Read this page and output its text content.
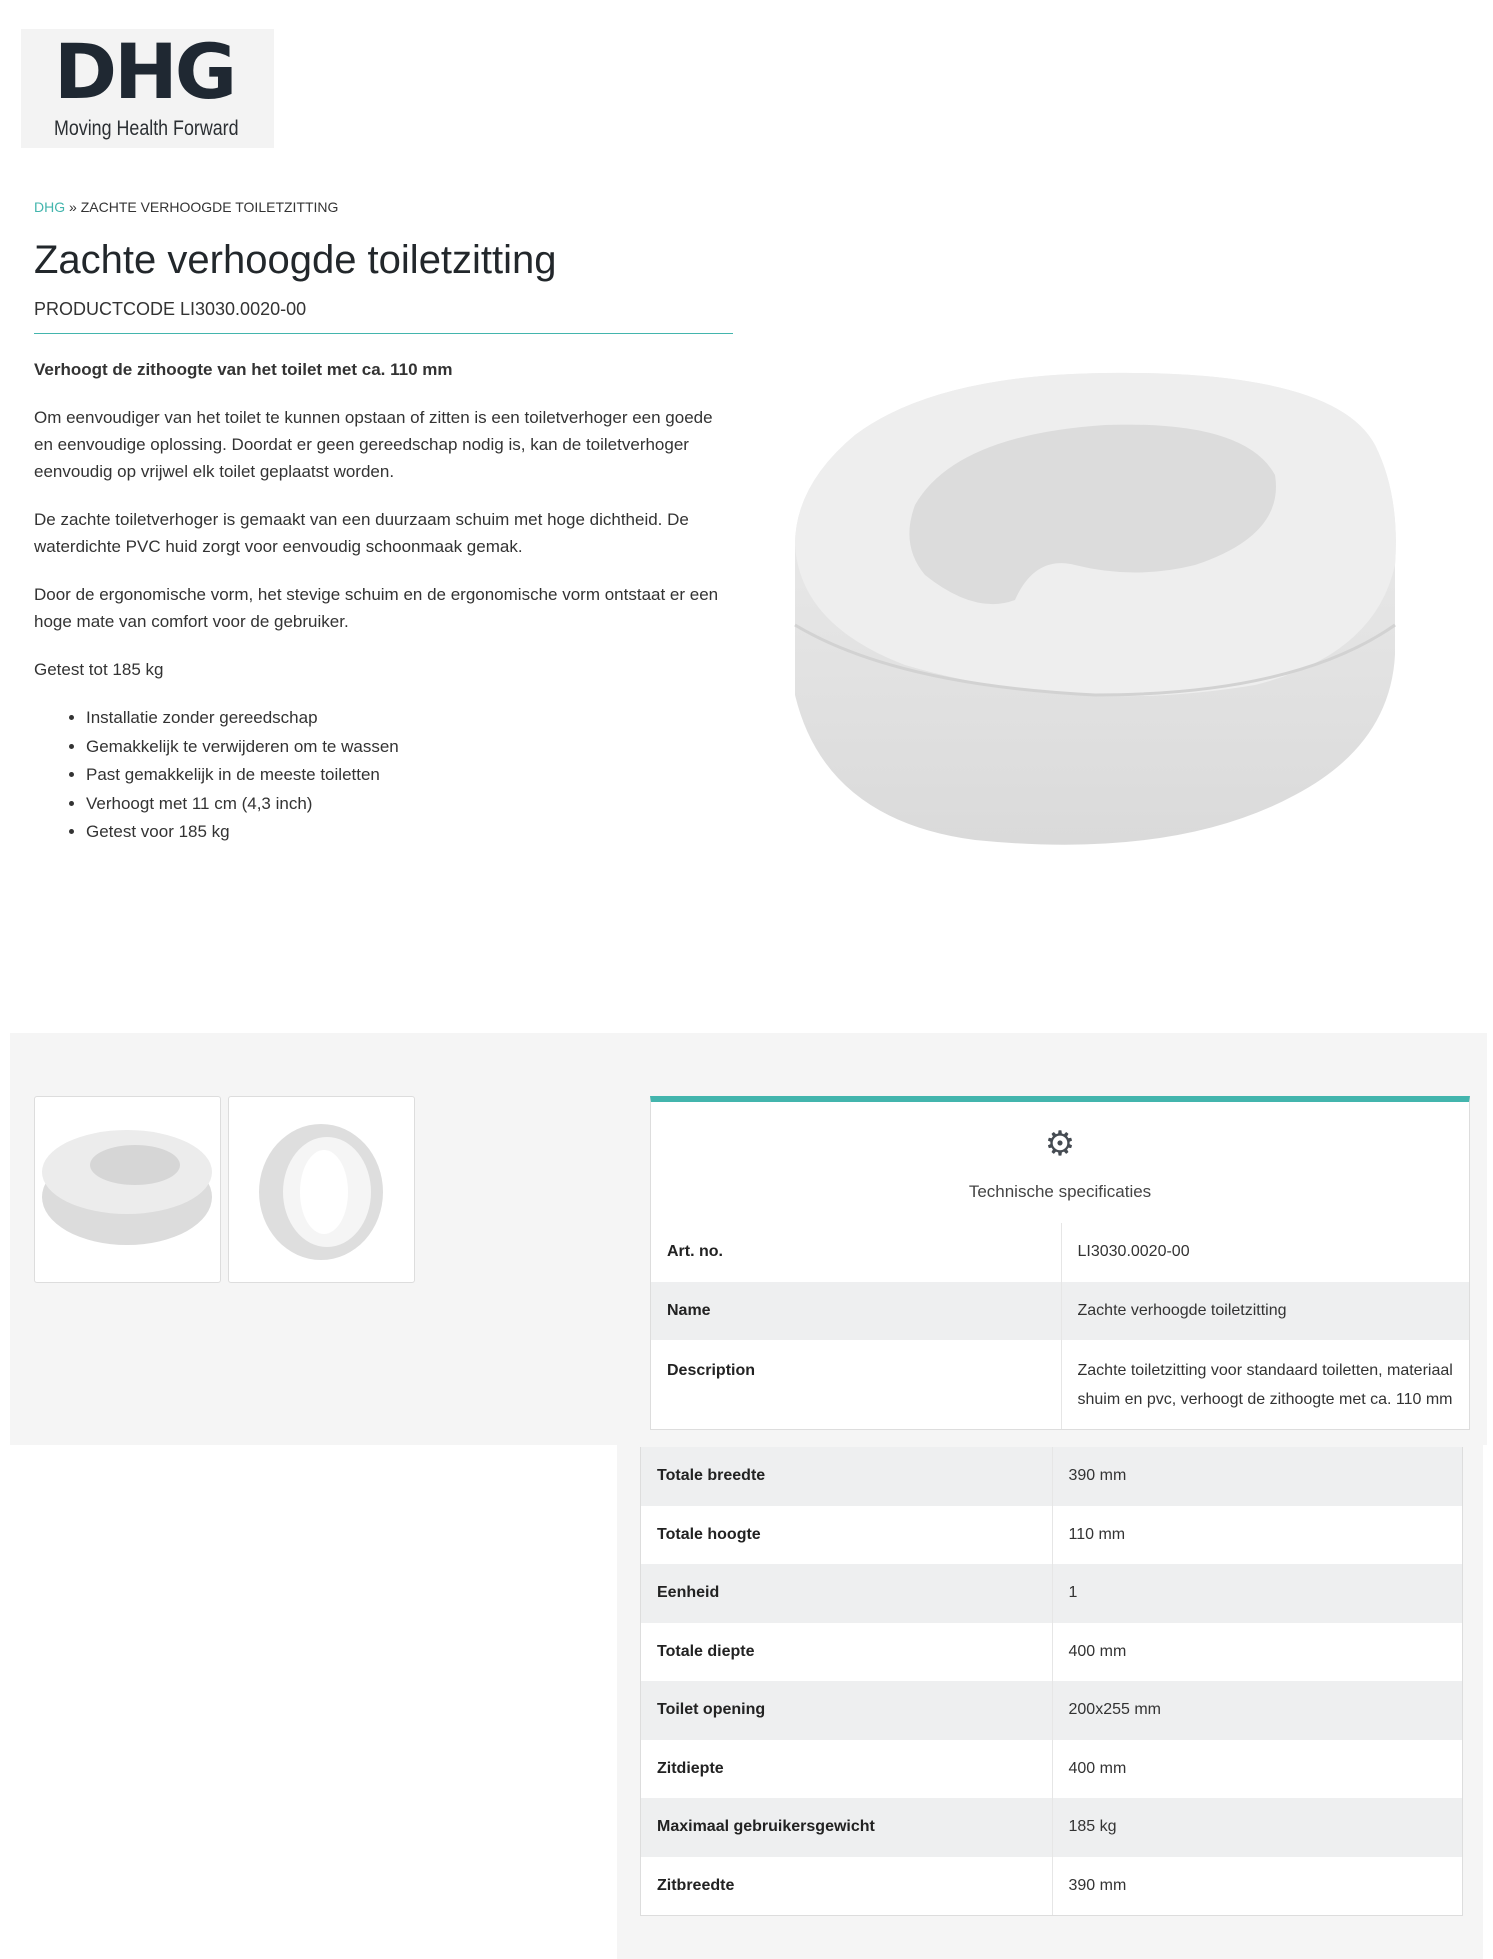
DHG
Moving Health Forward
DHG » ZACHTE VERHOOGDE TOILETZITTING
Zachte verhoogde toiletzitting
PRODUCTCODE LI3030.0020-00
Verhoogt de zithoogte van het toilet met ca. 110 mm

Om eenvoudiger van het toilet te kunnen opstaan of zitten is een toiletverhoger een goede en eenvoudige oplossing. Doordat er geen gereedschap nodig is, kan de toiletverhoger eenvoudig op vrijwel elk toilet geplaatst worden.

De zachte toiletverhoger is gemaakt van een duurzaam schuim met hoge dichtheid. De waterdichte PVC huid zorgt voor eenvoudig schoonmaak gemak.

Door de ergonomische vorm, het stevige schuim en de ergonomische vorm ontstaat er een hoge mate van comfort voor de gebruiker.

Getest tot 185 kg

• Installatie zonder gereedschap
• Gemakkelijk te verwijderen om te wassen
• Past gemakkelijk in de meeste toiletten
• Verhoogt met 11 cm (4,3 inch)
• Getest voor 185 kg
⚙
Technische specificaties
Art. no.	LI3030.0020-00
Name	Zachte verhoogde toiletzitting
Description	Zachte toiletzitting voor standaard toiletten, materiaal shuim en pvc, verhoogt de zithoogte met ca. 110 mm
Totale breedte	390 mm
Totale hoogte	110 mm
Eenheid	1
Totale diepte	400 mm
Toilet opening	200x255 mm
Zitdiepte	400 mm
Maximaal gebruikersgewicht	185 kg
Zitbreedte	390 mm
